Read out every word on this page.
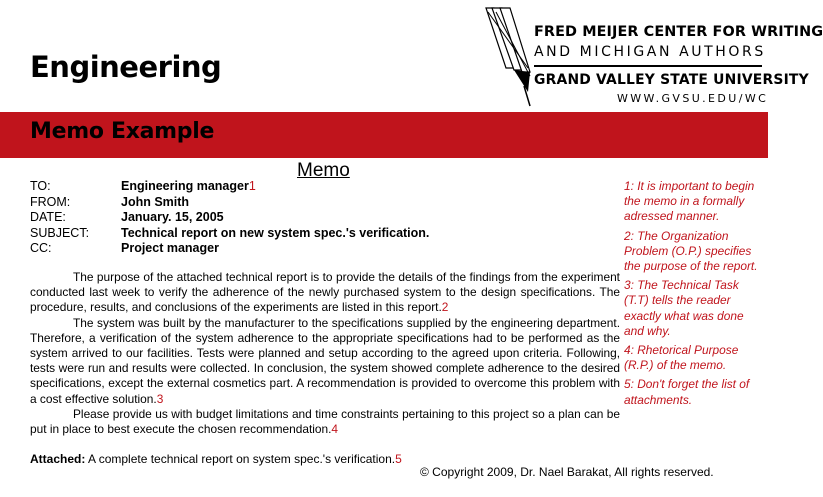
Engineering
FRED MEIJER CENTER FOR WRITING
AND MICHIGAN AUTHORS
GRAND VALLEY STATE UNIVERSITY
WWW.GVSU.EDU/WC
Memo Example
Memo
TO:	Engineering manager1
FROM:	John Smith
DATE:	January. 15, 2005
SUBJECT:	Technical report on new system spec.'s verification.
CC:	Project manager

The purpose of the attached technical report is to provide the details of the findings from the experiment conducted last week to verify the adherence of the newly purchased system to the design specifications. The procedure, results, and conclusions of the experiments are listed in this report.2

The system was built by the manufacturer to the specifications supplied by the engineering department. Therefore, a verification of the system adherence to the appropriate specifications had to be performed as the system arrived to our facilities. Tests were planned and setup according to the agreed upon criteria. Following, tests were run and results were collected. In conclusion, the system showed complete adherence to the desired specifications, except the external cosmetics part. A recommendation is provided to overcome this problem with a cost effective solution.3

Please provide us with budget limitations and time constraints pertaining to this project so a plan can be put in place to best execute the chosen recommendation.4

Attached: A complete technical report on system spec.'s verification.5
© Copyright 2009, Dr. Nael Barakat, All rights reserved.
1: It is important to begin the memo in a formally adressed manner.
2: The Organization Problem (O.P.) specifies the purpose of the report.
3: The Technical Task (T.T) tells the reader exactly what was done and why.
4: Rhetorical Purpose (R.P.) of the memo.
5: Don't forget the list of attachments.
